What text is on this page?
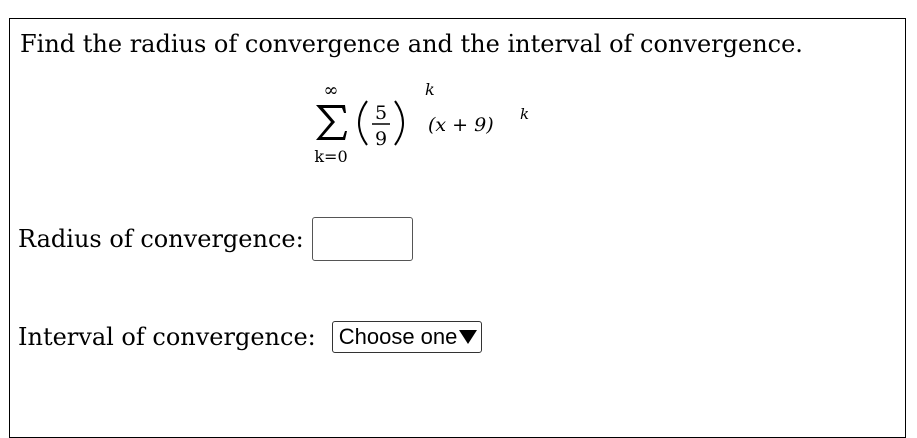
Find the radius of convergence and the interval of convergence.
∞
k=0
5
9
k
(x + 9) k
Radius of convergence:
Interval of convergence: Choose one
